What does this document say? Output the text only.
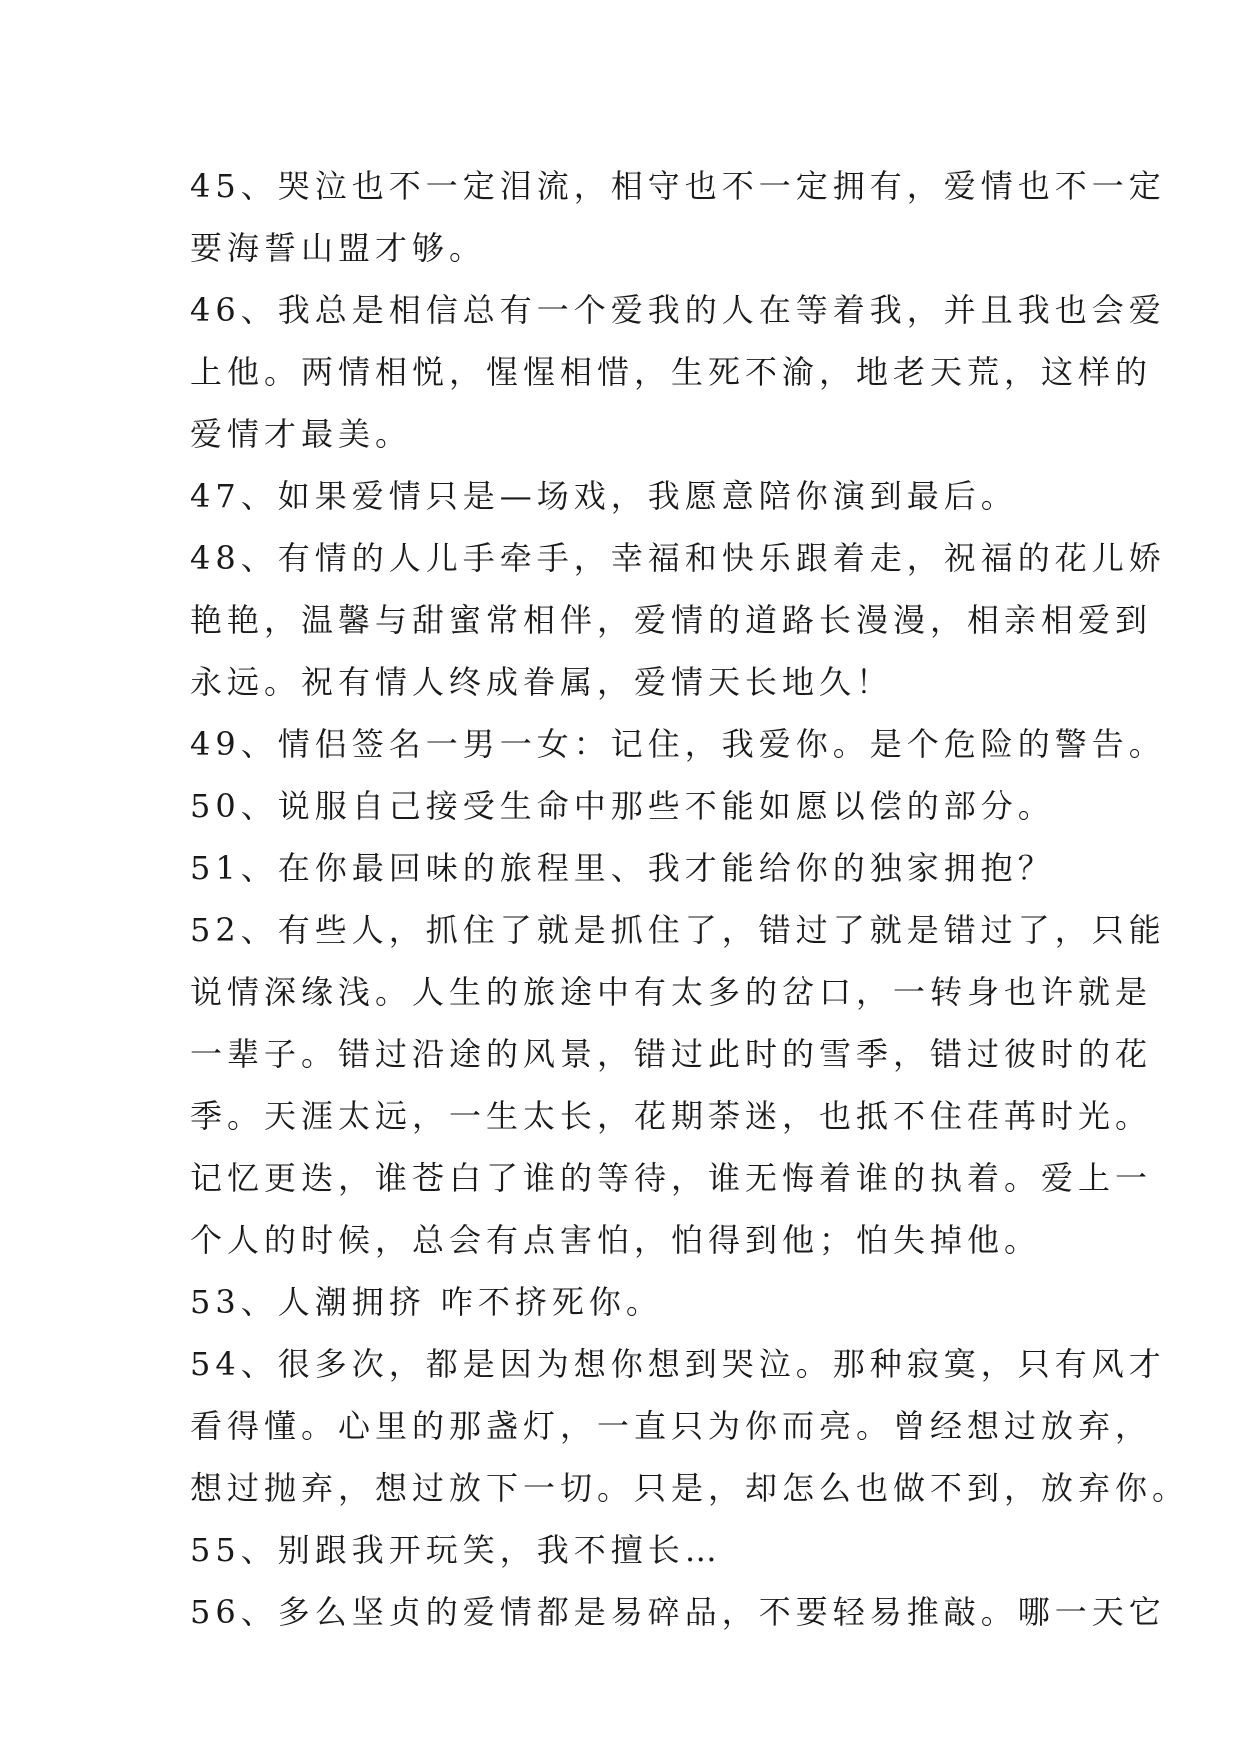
45、哭泣也不一定泪流，相守也不一定拥有，爱情也不一定
要海誓山盟才够。
46、我总是相信总有一个爱我的人在等着我，并且我也会爱
上他。两情相悦，惺惺相惜，生死不渝，地老天荒，这样的
爱情才最美。
47、如果爱情只是—场戏，我愿意陪你演到最后。
48、有情的人儿手牵手，幸福和快乐跟着走，祝福的花儿娇
艳艳，温馨与甜蜜常相伴，爱情的道路长漫漫，相亲相爱到
永远。祝有情人终成眷属，爱情天长地久！
49、情侣签名一男一女：记住，我爱你。是个危险的警告。
50、说服自己接受生命中那些不能如愿以偿的部分。
51、在你最回味的旅程里、我才能给你的独家拥抱？
52、有些人，抓住了就是抓住了，错过了就是错过了，只能
说情深缘浅。人生的旅途中有太多的岔口，一转身也许就是
一辈子。错过沿途的风景，错过此时的雪季，错过彼时的花
季。天涯太远，一生太长，花期荼迷，也抵不住荏苒时光。
记忆更迭，谁苍白了谁的等待，谁无悔着谁的执着。爱上一
个人的时候，总会有点害怕，怕得到他；怕失掉他。
53、人潮拥挤 咋不挤死你。
54、很多次，都是因为想你想到哭泣。那种寂寞，只有风才
看得懂。心里的那盏灯，一直只为你而亮。曾经想过放弃，
想过抛弃，想过放下一切。只是，却怎么也做不到，放弃你。
55、别跟我开玩笑，我不擅长…
56、多么坚贞的爱情都是易碎品，不要轻易推敲。哪一天它
